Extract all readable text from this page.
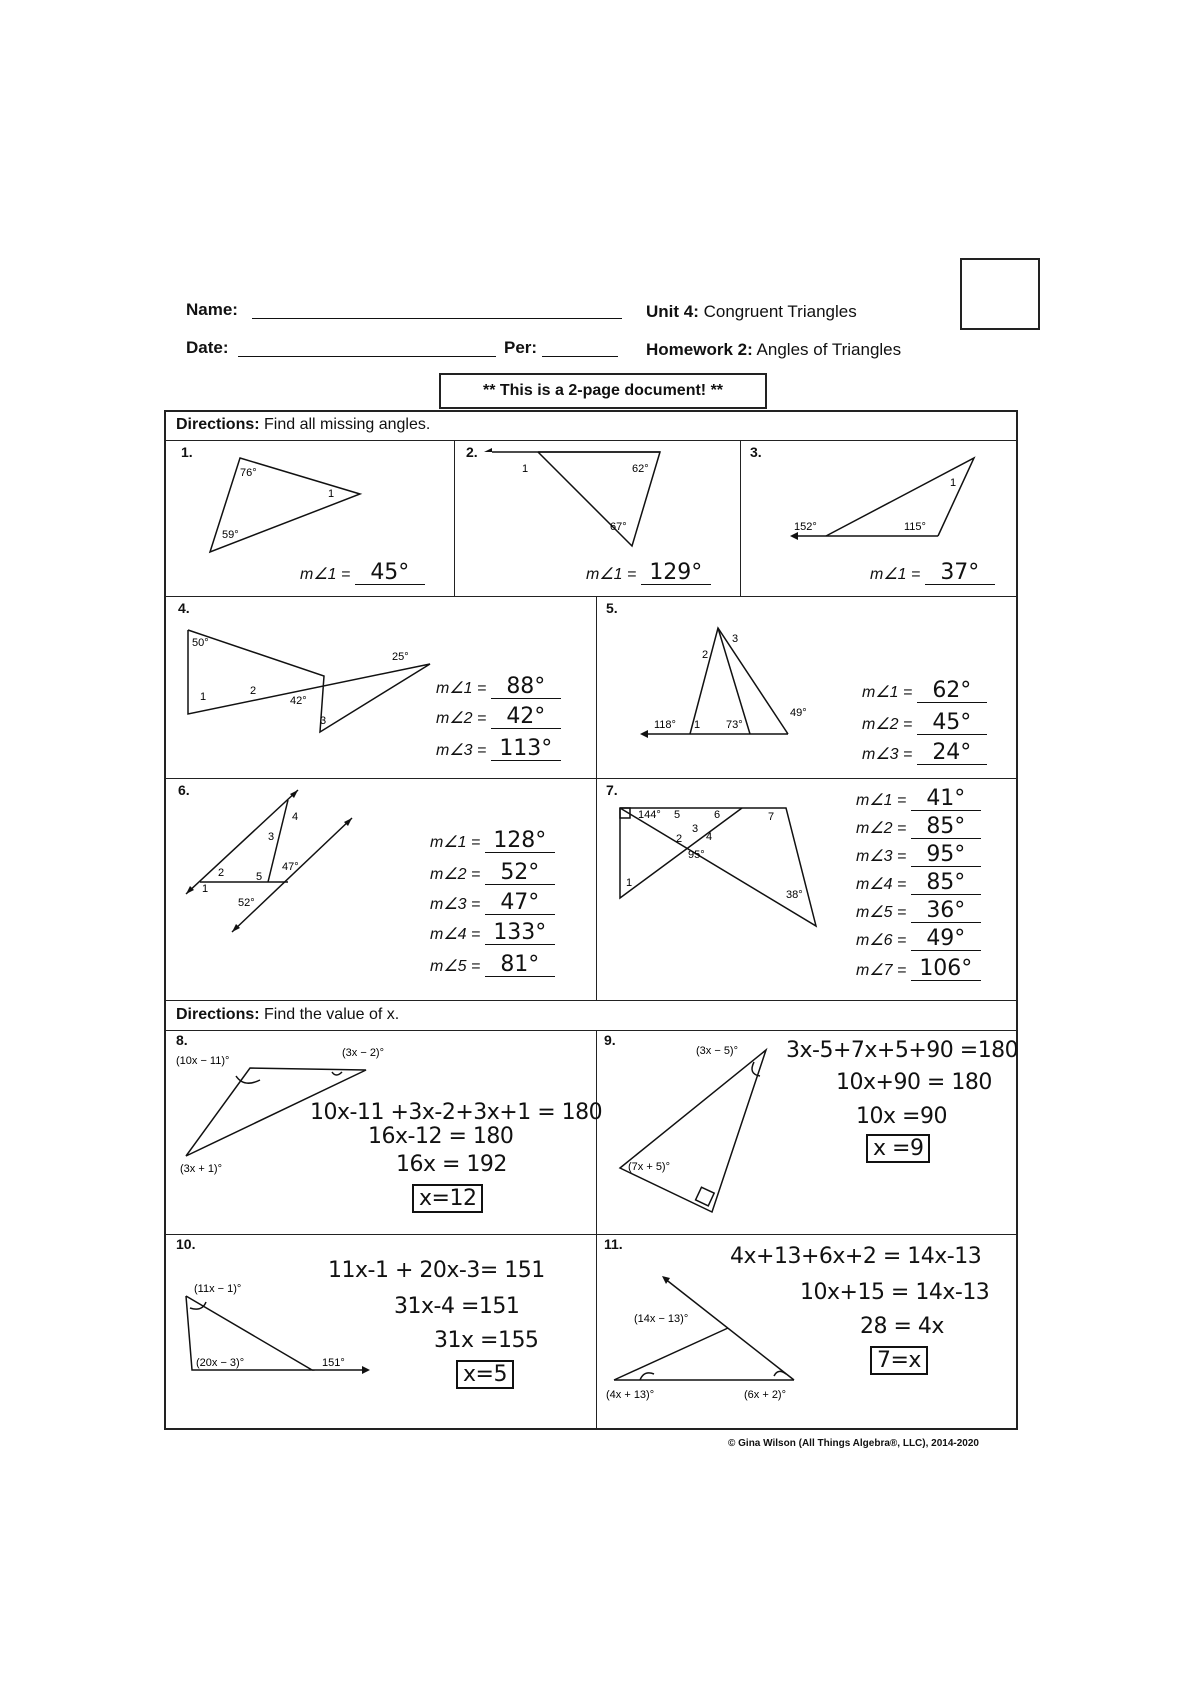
Name:
Date:	Per:
Unit 4: Congruent Triangles
Homework 2: Angles of Triangles
** This is a 2-page document! **
Directions: Find all missing angles.
Directions: Find the value of x.
1.
76°
59°
1
m∠1 = 45°
2.
1	62°
67°
m∠1 = 129°
3.
1
152°	115°
m∠1 = 37°
4.
50°
25°
1	2
42°
3
m∠1 = 88°
m∠2 = 42°
m∠3 = 113°
5.
2
3
118° 1 73°
49°
m∠1 = 62°
m∠2 = 45°
m∠3 = 24°
6.
4
3
47°
2	5
1
52°
m∠1 = 128°
m∠2 = 52°
m∠3 = 47°
m∠4 = 133°
m∠5 = 81°
7.
144° 5	6	7
3
2 4
95°
1
38°
m∠1 = 41°
m∠2 = 85°
m∠3 = 95°
m∠4 = 85°
m∠5 = 36°
m∠6 = 49°
m∠7 = 106°
8.
(10x − 11)°
(3x − 2)°
(3x + 1)°
10x-11 +3x-2+3x+1 = 180
16x-12 = 180
16x = 192
x=12
9.
(3x − 5)°
(7x + 5)°
3x-5+7x+5+90 =180
10x+90 = 180
10x =90
x =9
10.
(11x − 1)°
(20x − 3)°	151°
11x-1 + 20x-3= 151
31x-4 =151
31x =155
x=5
11.
(14x − 13)°
(4x + 13)°	(6x + 2)°
4x+13+6x+2 = 14x-13
10x+15 = 14x-13
28 = 4x
7=x
© Gina Wilson (All Things Algebra®, LLC), 2014-2020
